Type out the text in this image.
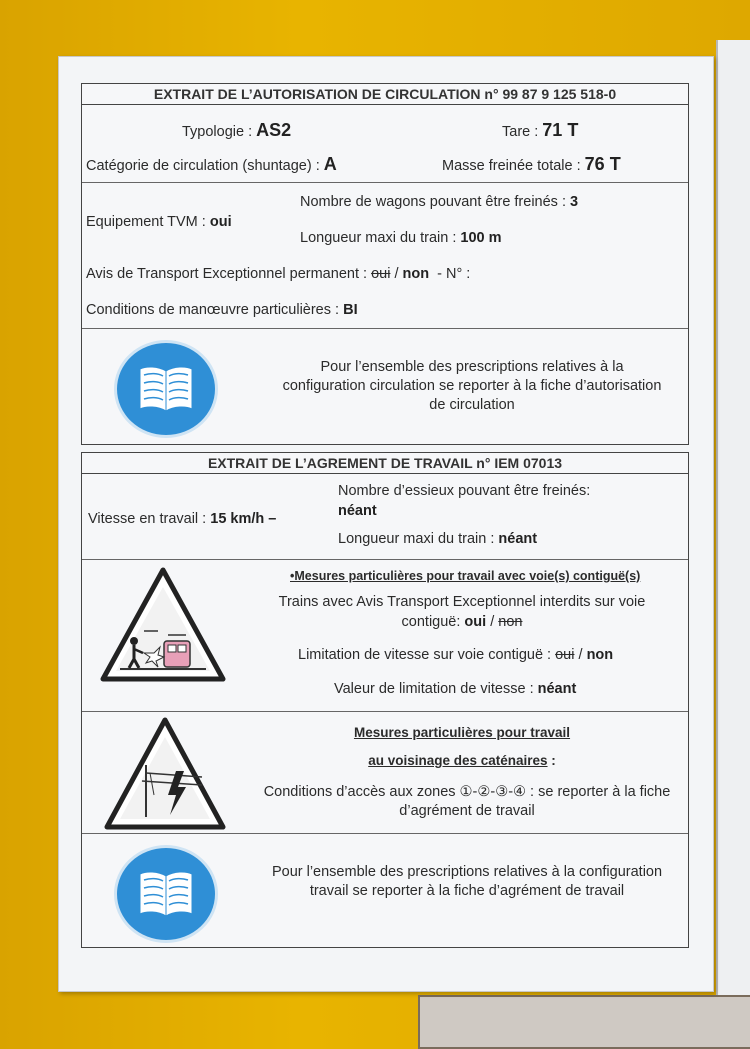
EXTRAIT DE L’AUTORISATION DE CIRCULATION n° 99 87 9 125 518-0
Typologie : AS2	Tare : 71 T
Catégorie de circulation (shuntage) : A	Masse freinée totale : 76 T
Nombre de wagons pouvant être freinés : 3
Equipement TVM : oui
Longueur maxi du train : 100 m
Avis de Transport Exceptionnel permanent : oui / non - N° :
Conditions de manœuvre particulières : BI
Pour l’ensemble des prescriptions relatives à la configuration circulation se reporter à la fiche d’autorisation de circulation
EXTRAIT DE L’AGREMENT DE TRAVAIL n° IEM 07013
Nombre d’essieux pouvant être freinés:
néant
Vitesse en travail : 15 km/h –
Longueur maxi du train : néant
•Mesures particulières pour travail avec voie(s) contiguë(s)
Trains avec Avis Transport Exceptionnel interdits sur voie
contiguë: oui / non
Limitation de vitesse sur voie contiguë : oui / non
Valeur de limitation de vitesse : néant
Mesures particulières pour travail
au voisinage des caténaires :
Conditions d’accès aux zones ①-②-③-④ : se reporter à la fiche d’agrément de travail
Pour l’ensemble des prescriptions relatives à la configuration travail se reporter à la fiche d’agrément de travail
